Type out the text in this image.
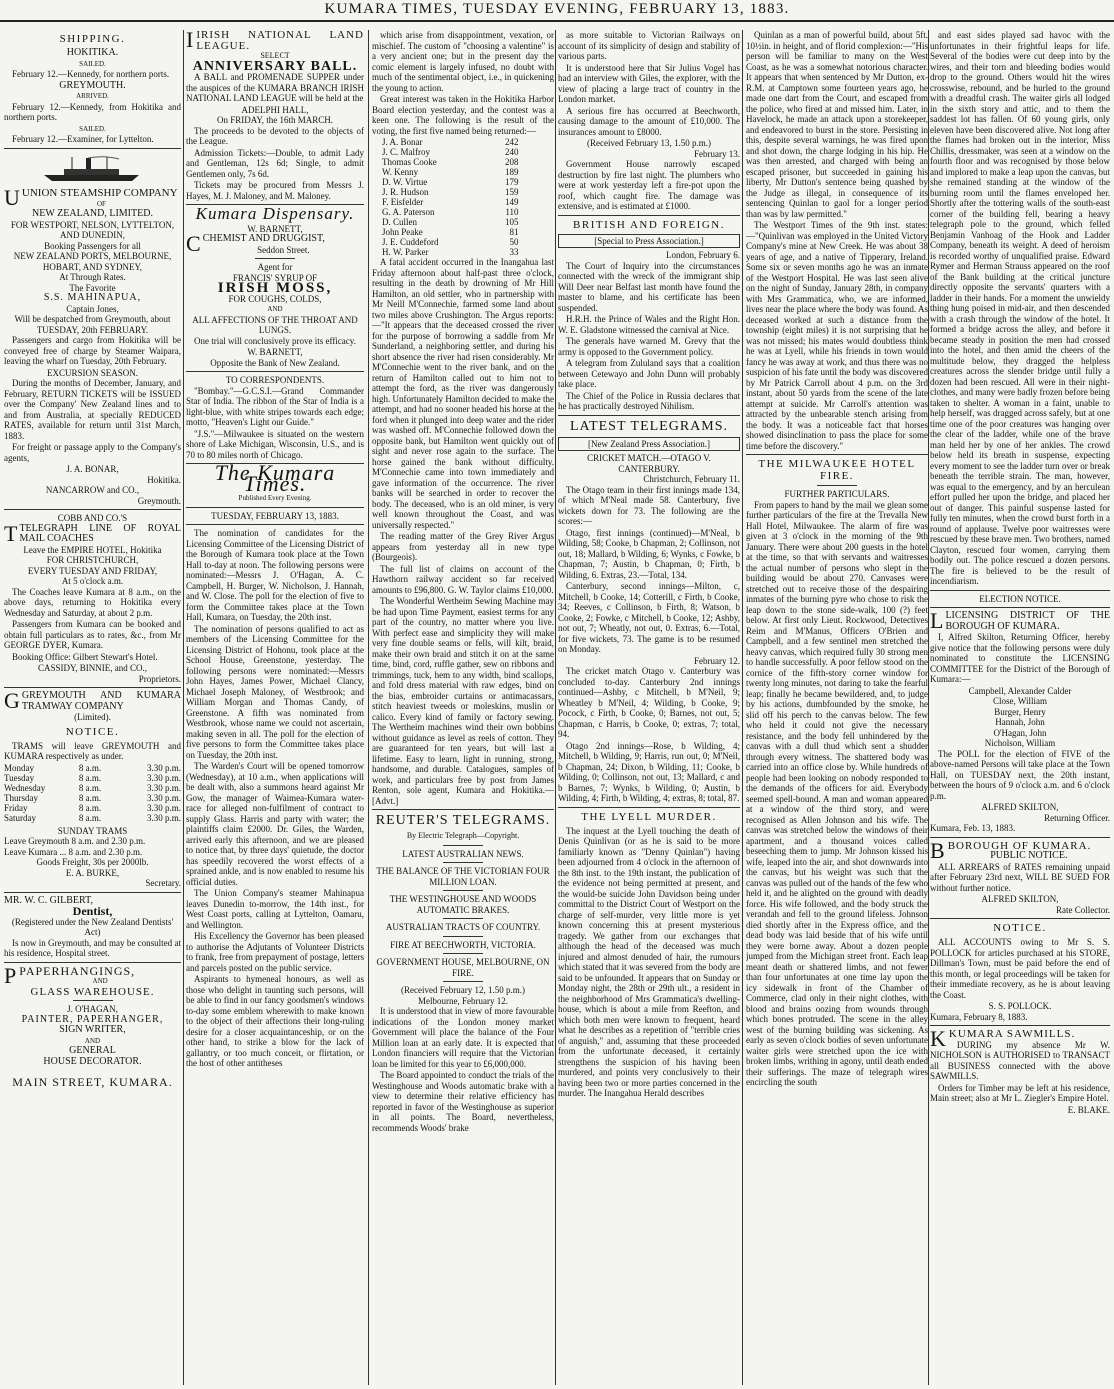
KUMARA TIMES, TUESDAY EVENING, FEBRUARY 13, 1883.
SHIPPING.
HOKITIKA.
SAILED.

February 12.—Kennedy, for northern ports.

GREYMOUTH.
ARRIVED.

February 12.—Kennedy, from Hokitika and northern ports.

SAILED.

February 12.—Examiner, for Lyttelton.

UUNION STEAMSHIP COMPANY
OF
NEW ZEALAND, LIMITED.
FOR WESTPORT, NELSON, LYTTELTON, AND DUNEDIN,
Booking Passengers for all
NEW ZEALAND PORTS, MELBOURNE, HOBART, AND SYDNEY,
At Through Rates.
The Favorite
S.S. MAHINAPUA,
Captain Jones,
Will be despatched from Greymouth, about
TUESDAY, 20th FEBRUARY.

Passengers and cargo from Hokitika will be conveyed free of charge by Steamer Waipara, leaving the wharf on Tuesday, 20th February.

EXCURSION SEASON.

During the months of December, January, and February, RETURN TICKETS will be ISSUED over the Company' New Zealand lines and to and from Australia, at specially REDUCED RATES, available for return until 31st March, 1883.

For freight or passage apply to the Company's agents,

J. A. BONAR,
Hokitika.
NANCARROW and CO.,
Greymouth.
COBB AND CO.'S
TTELEGRAPH LINE OF ROYAL MAIL COACHES
Leave the EMPIRE HOTEL, Hokitika
FOR CHRISTCHURCH,
EVERY TUESDAY AND FRIDAY,
At 5 o'clock a.m.

The Coaches leave Kumara at 8 a.m., on the above days, returning to Hokitika every Wednesday and Saturday, at about 2 p.m.

Passengers from Kumara can be booked and obtain full particulars as to rates, &c., from Mr GEORGE DYER, Kumara.

Booking Office: Gilbert Stewart's Hotel.

CASSIDY, BINNIE, and CO.,
Proprietors.
GGREYMOUTH AND KUMARA TRAMWAY COMPANY
(Limited).
NOTICE.

TRAMS will leave GREYMOUTH and KUMARA respectively as under.

Monday	8 a.m.	3.30 p.m.
Tuesday	8 a.m.	3.30 p.m.
Wednesday	8 a.m.	3.30 p.m.
Thursday	8 a.m.	3.30 p.m.
Friday	8 a.m.	3.30 p.m.
Saturday	8 a.m.	3.30 p.m.
SUNDAY TRAMS
Leave Greymouth 8 a.m. and 2.30 p.m.
Leave Kumara ... 8 a.m. and 2.30 p.m.
Goods Freight, 30s per 2000lb.
E. A. BURKE,
Secretary.
MR. W. C. GILBERT,
Dentist,
(Registered under the New Zealand Dentists' Act)

Is now in Greymouth, and may be consulted at his residence, Hospital street.

PPAPERHANGINGS,
AND
GLASS WAREHOUSE.
J. O'HAGAN,
PAINTER, PAPERHANGER,
SIGN WRITER,
AND
GENERAL
HOUSE DECORATOR.
MAIN STREET, KUMARA.
IIRISH NATIONAL LAND LEAGUE.
SELECT
ANNIVERSARY BALL.

A BALL and PROMENADE SUPPER under the auspices of the KUMARA BRANCH IRISH NATIONAL LAND LEAGUE will be held at the

ADELPHI HALL,
On FRIDAY, the 16th MARCH.

The proceeds to be devoted to the objects of the League.

Admission Tickets:—Double, to admit Lady and Gentleman, 12s 6d; Single, to admit Gentlemen only, 7s 6d.

Tickets may be procured from Messrs J. Hayes, M. J. Maloney, and M. Maloney.

Kumara Dispensary.
W. BARNETT,
CCHEMIST AND DRUGGIST,
Seddon Street.
Agent for
FRANCIS' SYRUP OF
IRISH MOSS,
FOR COUGHS, COLDS,
AND
ALL AFFECTIONS OF THE THROAT AND LUNGS.

One trial will conclusively prove its efficacy.

W. BARNETT,
Opposite the Bank of New Zealand.
TO CORRESPONDENTS.

"Bombay."—G.C.S.I.—Grand Commander Star of India. The ribbon of the Star of India is a light-blue, with white stripes towards each edge; motto, "Heaven's Light our Guide."

"J.S."—Milwaukee is situated on the western shore of Lake Michigan, Wisconsin, U.S., and is 70 to 80 miles north of Chicago.

The Kumara Times.
Published Every Evening.
TUESDAY, FEBRUARY 13, 1883.

The nomination of candidates for the Licensing Committee of the Licensing District of the Borough of Kumara took place at the Town Hall to-day at noon. The following persons were nominated:—Messrs J. O'Hagan, A. C. Campbell, H. Burger, W. Nicholson, J. Hannah, and W. Close. The poll for the election of five to form the Committee takes place at the Town Hall, Kumara, on Tuesday, the 20th inst.

The nomination of persons qualified to act as members of the Licensing Committee for the Licensing District of Hohonu, took place at the School House, Greenstone, yesterday. The following persons were nominated:—Messrs John Hayes, James Power, Michael Clancy, Michael Joseph Maloney, of Westbrook; and William Morgan and Thomas Candy, of Greenstone. A fifth was nominated from Westbrook, whose name we could not ascertain, making seven in all. The poll for the election of five persons to form the Committee takes place on Tuesday, the 20th inst.

The Warden's Court will be opened tomorrow (Wednesday), at 10 a.m., when applications will be dealt with, also a summons heard against Mr Gow, the manager of Waimea-Kumara water-race for alleged non-fulfilment of contract to supply Glass. Harris and party with water; the plaintiffs claim £2000. Dr. Giles, the Warden, arrived early this afternoon, and we are pleased to notice that, by three days' quietude, the doctor has speedily recovered the worst effects of a sprained ankle, and is now enabled to resume his official duties.

The Union Company's steamer Mahinapua leaves Dunedin to-morrow, the 14th inst., for West Coast ports, calling at Lyttelton, Oamaru, and Wellington.

His Excellency the Governor has been pleased to authorise the Adjutants of Volunteer Districts to frank, free from prepayment of postage, letters and parcels posted on the public service.

Aspirants to hymeneal honours, as well as those who delight in taunting such persons, will be able to find in our fancy goodsmen's windows to-day some emblem wherewith to make known to the object of their affections their long-ruling desire for a closer acquaintanceship, or on the other hand, to strike a blow for the lack of gallantry, or too much conceit, or flirtation, or the host of other antitheses

which arise from disappointment, vexation, or mischief. The custom of "choosing a valentine" is a very ancient one; but in the present day the comic element is largely infused, no doubt with much of the sentimental object, i.e., in quickening the young to action.

Great interest was taken in the Hokitika Harbor Board election yesterday, and the contest was a keen one. The following is the result of the voting, the first five named being returned:—

J. A. Bonar	242
J. C. Malfroy	240
Thomas Cooke	208
W. Kenny	189
D. W. Virtue	179
J. R. Hudson	159
F. Eisfelder	149
G. A. Paterson	110
D. Cullen	105
John Peake	81
J. E. Cuddeford	50
H. W. Parker	33

A fatal accident occurred in the Inangahua last Friday afternoon about half-past three o'clock, resulting in the death by drowning of Mr Hill Hamilton, an old settler, who in partnership with Mr Neill M'Connechie, farmed some land about two miles above Crushington. The Argus reports:—"It appears that the deceased crossed the river for the purpose of borrowing a saddle from Mr Sunderland, a neighboring settler, and during his short absence the river had risen considerably. Mr M'Connechie went to the river bank, and on the return of Hamilton called out to him not to attempt the ford, as the river was dangerously high. Unfortunately Hamilton decided to make the attempt, and had no sooner headed his horse at the ford when it plunged into deep water and the rider was washed off. M'Connechie followed down the opposite bank, but Hamilton went quickly out of sight and never rose again to the surface. The horse gained the bank without difficulty. M'Connechie came into town immediately and gave information of the occurrence. The river banks will be searched in order to recover the body. The deceased, who is an old miner, is very well known throughout the Coast, and was universally respected."

The reading matter of the Grey River Argus appears from yesterday all in new type (Bourgeois).

The full list of claims on account of the Hawthorn railway accident so far received amounts to £96,800. G. W. Taylor claims £10,000.

The Wonderful Wertheim Sewing Machine may be had upon Time Payment, easiest terms for any part of the country, no matter where you live. With perfect ease and simplicity they will make very fine double seams or fells, will kilt, braid, make their own braid and stitch it on at the same time, bind, cord, ruffle gather, sew on ribbons and trimmings, tuck, hem to any width, bind scallops, and fold dress material with raw edges, bind on the bias, embroider curtains or antimacassars, stitch heaviest tweeds or moleskins, muslin or calico. Every kind of family or factory sewing. The Wertheim machines wind their own bobbins without guidance as level as reels of cotton. They are guaranteed for ten years, but will last a lifetime. Easy to learn, light in running, strong, handsome, and durable. Catalogues, samples of work, and particulars free by post from James Renton, sole agent, Kumara and Hokitika.—[Advt.]

REUTER'S TELEGRAMS.
By Electric Telegraph—Copyright.
LATEST AUSTRALIAN NEWS.
THE BALANCE OF THE VICTORIAN FOUR MILLION LOAN.
THE WESTINGHOUSE AND WOODS AUTOMATIC BRAKES.
AUSTRALIAN TRACTS OF COUNTRY.
FIRE AT BEECHWORTH, VICTORIA.
GOVERNMENT HOUSE, MELBOURNE, ON FIRE.
(Received February 12, 1.50 p.m.)
Melbourne, February 12.

It is understood that in view of more favourable indications of the London money market Government will place the balance of the Four Million loan at an early date. It is expected that London financiers will require that the Victorian loan be limited for this year to £6,000,000.

The Board appointed to conduct the trials of the Westinghouse and Woods automatic brake with a view to determine their relative efficiency has reported in favor of the Westinghouse as superior in all points. The Board, nevertheless, recommends Woods' brake

as more suitable to Victorian Railways on account of its simplicity of design and stability of various parts.

It is understood here that Sir Julius Vogel has had an interview with Giles, the explorer, with the view of placing a large tract of country in the London market.

A serious fire has occurred at Beechworth, causing damage to the amount of £10,000. The insurances amount to £8000.

(Received February 13, 1.50 p.m.)
February 13.

Government House narrowly escaped destruction by fire last night. The plumbers who were at work yesterday left a fire-pot upon the roof, which caught fire. The damage was extensive, and is estimated at £1000.

BRITISH AND FOREIGN.
[Special to Press Association.]
London, February 6.

The Court of Inquiry into the circumstances connected with the wreck of the immigrant ship Will Deer near Belfast last month have found the master to blame, and his certificate has been suspended.

H.R.H. the Prince of Wales and the Right Hon. W. E. Gladstone witnessed the carnival at Nice.

The generals have warned M. Grevy that the army is opposed to the Government policy.

A telegram from Zululand says that a coalition between Cetewayo and John Dunn will probably take place.

The Chief of the Police in Russia declares that he has practically destroyed Nihilism.

LATEST TELEGRAMS.
[New Zealand Press Association.]
CRICKET MATCH.—OTAGO V. CANTERBURY.
Christchurch, February 11.

The Otago team in their first innings made 134, of which M'Neal made 58. Canterbury, five wickets down for 73. The following are the scores:—

Otago, first innings (continued)—M'Neal, b Wilding, 58; Cooke, b Chapman, 2; Collinson, not out, 18; Mallard, b Wilding, 6; Wynks, c Fowke, b Chapman, 7; Austin, b Chapman, 0; Firth, b Wilding, 6. Extras, 23.—Total, 134.

Canterbury, second innings—Milton, c, Mitchell, b Cooke, 14; Cotterill, c Firth, b Cooke, 34; Reeves, c Collinson, b Firth, 8; Watson, b Cooke, 2; Fowke, c Mitchell, b Cooke, 12; Ashby, not out, 7; Wheatly, not out, 0. Extras, 6.—Total, for five wickets, 73. The game is to be resumed on Monday.

February 12.

The cricket match Otago v. Canterbury was concluded to-day. Canterbury 2nd innings continued—Ashby, c Mitchell, b M'Neil, 9; Wheatley b M'Neil, 4; Wilding, b Cooke, 9; Pocock, c Firth, b Cooke, 0; Barnes, not out, 5; Chapman, c Harris, b Cooke, 0; extras, 7; total, 94.

Otago 2nd innings—Rose, b Wilding, 4; Mitchell, b Wilding, 9; Harris, run out, 0; M'Neil, b Chapman, 24; Dixon, b Wilding, 11; Cooke, b Wilding, 0; Collinson, not out, 13; Mallard, c and b Barnes, 7; Wynks, b Wilding, 0; Austin, b Wilding, 4; Firth, b Wilding, 4; extras, 8; total, 87.

THE LYELL MURDER.

The inquest at the Lyell touching the death of Denis Quinlivan (or as he is said to be more familiarly known as "Denny Quinlan") having been adjourned from 4 o'clock in the afternoon of the 8th inst. to the 19th instant, the publication of the evidence not being permitted at present, and the would-be suicide John Davidson being under committal to the District Court of Westport on the charge of self-murder, very little more is yet known concerning this at present mysterious tragedy. We gather from our exchanges that although the head of the deceased was much injured and almost denuded of hair, the rumours which stated that it was severed from the body are said to be unfounded. It appears that on Sunday or Monday night, the 28th or 29th ult., a resident in the neighborhood of Mrs Grammatica's dwelling-house, which is about a mile from Reefton, and which both men were known to frequent, heard what he describes as a repetition of "terrible cries of anguish," and, assuming that these proceeded from the unfortunate deceased, it certainly strengthens the suspicion of his having been murdered, and points very conclusively to their having been two or more parties concerned in the murder. The Inangahua Herald describes

Quinlan as a man of powerful build, about 5ft. 10½in. in height, and of florid complexion:—"His person will be familiar to many on the West Coast, as he was a somewhat notorious character. It appears that when sentenced by Mr Dutton, ex-R.M. at Camptown some fourteen years ago, he made one dart from the Court, and escaped from the police, who fired at and missed him. Later, in Havelock, he made an attack upon a storekeeper, and endeavored to burst in the store. Persisting in this, despite several warnings, he was fired upon and shot down, the charge lodging in his hip. He was then arrested, and charged with being an escaped prisoner, but succeeded in gaining his liberty, Mr Dutton's sentence being quashed by the Judge as illegal, in consequence of its sentencing Quinlan to gaol for a longer period than was by law permitted."

The Westport Times of the 9th inst. states:—"Quinlivan was employed in the United Victory Company's mine at New Creek. He was about 38 years of age, and a native of Tipperary, Ireland. Some six or seven months ago he was an inmate of the Westport Hospital. He was last seen alive on the night of Sunday, January 28th, in company with Mrs Grammatica, who, we are informed, lives near the place where the body was found. As deceased worked at such a distance from the township (eight miles) it is not surprising that he was not missed; his mates would doubtless think he was at Lyell, while his friends in town would fancy he was away at work, and thus there was no suspicion of his fate until the body was discovered by Mr Patrick Carroll about 4 p.m. on the 3rd instant, about 50 yards from the scene of the late attempt at suicide. Mr Carroll's attention was attracted by the unbearable stench arising from the body. It was a noticeable fact that horses showed disinclination to pass the place for some time before the discovery."

THE MILWAUKEE HOTEL FIRE.
FURTHER PARTICULARS.

From papers to hand by the mail we glean some further particulars of the fire at the Trevalla New Hall Hotel, Milwaukee. The alarm of fire was given at 3 o'clock in the morning of the 9th January. There were about 200 guests in the hotel at the time, so that with servants and waitresses the actual number of persons who slept in the building would be about 270. Canvases were stretched out to receive those of the despairing inmates of the burning pyre who chose to risk the leap down to the stone side-walk, 100 (?) feet below. At first only Lieut. Rockwood, Detectives Reim and M'Manus, Officers O'Brien and Campbell, and a few sentinel men stretched the heavy canvas, which required fully 30 strong men to handle successfully. A poor fellow stood on the cornice of the fifth-story corner window for twenty long minutes, not daring to take the fearful leap; finally he became bewildered, and, to judge by his actions, dumbfounded by the smoke, he slid off his perch to the canvas below. The few who held it could not give the necessary resistance, and the body fell unhindered by the canvas with a dull thud which sent a shudder through every witness. The shattered body was carried into an office close by. While hundreds of people had been looking on nobody responded to the demands of the officers for aid. Everybody seemed spell-bound. A man and woman appeared at a window of the third story, and were recognised as Allen Johnson and his wife. The canvas was stretched below the windows of their apartment, and a thousand voices called beseeching them to jump. Mr Johnson kissed his wife, leaped into the air, and shot downwards into the canvas, but his weight was such that the canvas was pulled out of the hands of the few who held it, and he alighted on the ground with deadly force. His wife followed, and the body struck the verandah and fell to the ground lifeless. Johnson died shortly after in the Express office, and the dead body was laid beside that of his wife until they were borne away. About a dozen people jumped from the Michigan street front. Each leap meant death or shattered limbs, and not fewer than four unfortunates at one time lay upon the icy sidewalk in front of the Chamber of Commerce, clad only in their night clothes, with blood and brains oozing from wounds through which bones protruded. The scene in the alley west of the burning building was sickening. As early as seven o'clock bodies of seven unfortunate waiter girls were stretched upon the ice with broken limbs, writhing in agony, until death ended their sufferings. The maze of telegraph wires encircling the south

and east sides played sad havoc with the unfortunates in their frightful leaps for life. Several of the bodies were cut deep into by the wires, and their torn and bleeding bodies would drop to the ground. Others would hit the wires crosswise, rebound, and be hurled to the ground with a dreadful crash. The waiter girls all lodged in the sixth story and attic, and to them the saddest lot has fallen. Of 60 young girls, only eleven have been discovered alive. Not long after the flames had broken out in the interior, Miss Chillis, dressmaker, was seen at a window on the fourth floor and was recognised by those below and implored to make a leap upon the canvas, but she remained standing at the window of the burning room until the flames enveloped her. Shortly after the tottering walls of the south-east corner of the building fell, bearing a heavy telegraph pole to the ground, which felled Benjamin Vanhoag of the Hook and Ladder Company, beneath its weight. A deed of heroism is recorded worthy of unqualified praise. Edward Rymer and Herman Strauss appeared on the roof of the Bank building at the critical juncture directly opposite the servants' quarters with a ladder in their hands. For a moment the unwieldy thing hung poised in mid-air, and then descended with a crash through the window of the hotel. It formed a bridge across the alley, and before it became steady in position the men had crossed into the hotel, and then amid the cheers of the multitude below, they dragged the helpless creatures across the slender bridge until fully a dozen had been rescued. All were in their night-clothes, and many were badly frozen before being taken to shelter. A woman in a faint, unable to help herself, was dragged across safely, but at one time one of the poor creatures was hanging over the clear of the ladder, while one of the brave man held her by one of her ankles. The crowd below held its breath in suspense, expecting every moment to see the ladder turn over or break beneath the terrible strain. The man, however, was equal to the emergency, and by an herculean effort pulled her upon the bridge, and placed her out of danger. This painful suspense lasted for fully ten minutes, when the crowd burst forth in a round of applause. Twelve poor waitresses were rescued by these brave men. Two brothers, named Clayton, rescued four women, carrying them bodily out. The police rescued a dozen persons. The fire is believed to be the result of incendiarism.

ELECTION NOTICE.
LLICENSING DISTRICT OF THE BOROUGH OF KUMARA.

I, Alfred Skilton, Returning Officer, hereby give notice that the following persons were duly nominated to constitute the LICENSING COMMITTEE for the District of the Borough of Kumara:—

Campbell, Alexander Calder
Close, William
Burger, Henry
Hannah, John
O'Hagan, John
Nicholson, William

The POLL for the election of FIVE of the above-named Persons will take place at the Town Hall, on TUESDAY next, the 20th instant, between the hours of 9 o'clock a.m. and 6 o'clock p.m.

ALFRED SKILTON,
Returning Officer.
Kumara, Feb. 13, 1883.
BBOROUGH OF KUMARA.
PUBLIC NOTICE.

ALL ARREARS of RATES remaining unpaid after February 23rd next, WILL BE SUED FOR without further notice.

ALFRED SKILTON,
Rate Collector.
NOTICE.

ALL ACCOUNTS owing to Mr S. S. POLLOCK for articles purchased at his STORE, Dillman's Town, must be paid before the end of this month, or legal proceedings will be taken for their immediate recovery, as he is about leaving the Coast.

S. S. POLLOCK.
Kumara, February 8, 1883.
KKUMARA SAWMILLS.

DURING my absence Mr W. NICHOLSON is AUTHORISED to TRANSACT all BUSINESS connected with the above SAWMILLS.

Orders for Timber may be left at his residence, Main street; also at Mr L. Ziegler's Empire Hotel.

E. BLAKE.
